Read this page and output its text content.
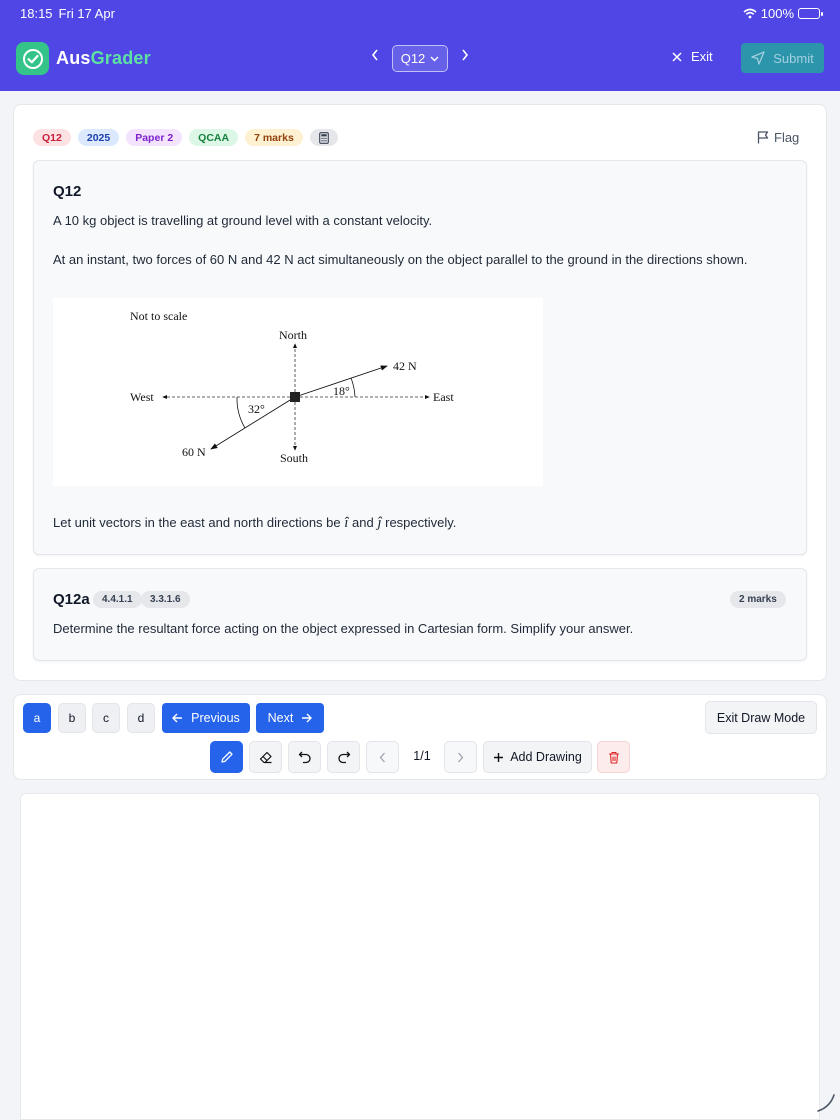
18:15 Fri 17 Apr	100%
AusGrader	Q12	Exit	Submit
Q12	2025	Paper 2	QCAA	7 marks	Flag
Q12
A 10 kg object is travelling at ground level with a constant velocity.
At an instant, two forces of 60 N and 42 N act simultaneously on the object parallel to the ground in the directions shown.
Not to scale
North
South
East
West
42 N
60 N
18°
32°
Let unit vectors in the east and north directions be î and ĵ respectively.
Q12a	4.4.1.1	3.3.1.6	2 marks
Determine the resultant force acting on the object expressed in Cartesian form. Simplify your answer.
a	b	c	d	Previous Next	Exit Draw Mode
1/1	Add Drawing
